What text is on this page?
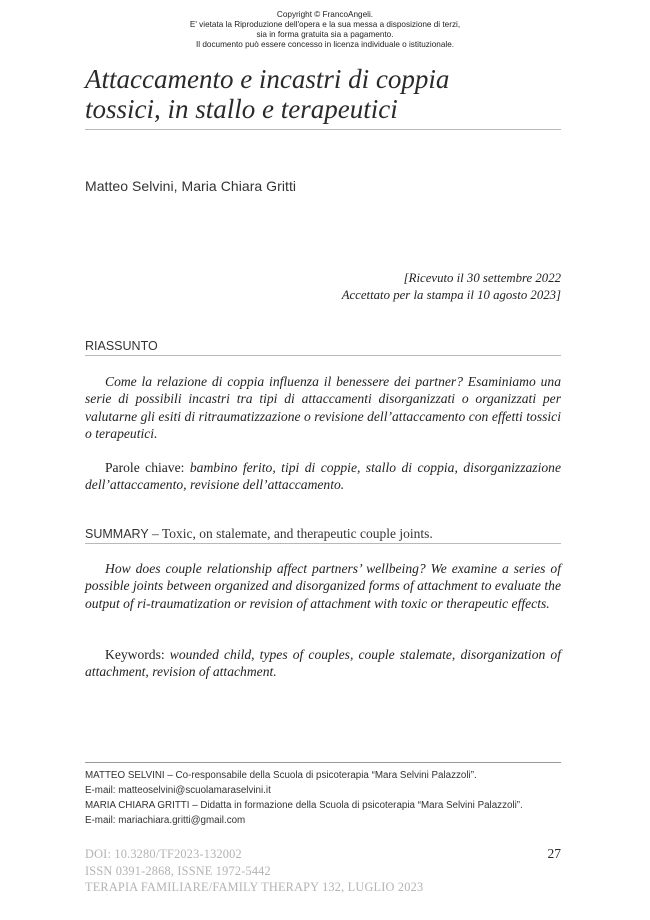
Copyright © FrancoAngeli.
E' vietata la Riproduzione dell'opera e la sua messa a disposizione di terzi,
sia in forma gratuita sia a pagamento.
Il documento può essere concesso in licenza individuale o istituzionale.
Attaccamento e incastri di coppia
tossici, in stallo e terapeutici
Matteo Selvini, Maria Chiara Gritti
[Ricevuto il 30 settembre 2022
Accettato per la stampa il 10 agosto 2023]
RIASSUNTO

Come la relazione di coppia influenza il benessere dei partner? Esaminiamo una serie di possibili incastri tra tipi di attaccamenti disorganizzati o organizzati per valutarne gli esiti di ritraumatizzazione o revisione dell’attaccamento con effetti tossici o terapeutici.

Parole chiave: bambino ferito, tipi di coppie, stallo di coppia, disorganizzazione dell’attaccamento, revisione dell’attaccamento.

SUMMARY – Toxic, on stalemate, and therapeutic couple joints.

How does couple relationship affect partners’ wellbeing? We examine a series of possible joints between organized and disorganized forms of attachment to evaluate the output of ri-traumatization or revision of attachment with toxic or therapeutic effects.

Keywords: wounded child, types of couples, couple stalemate, disorganization of attachment, revision of attachment.

MATTEO SELVINI – Co-responsabile della Scuola di psicoterapia “Mara Selvini Palazzoli”.
E-mail: matteoselvini@scuolamaraselvini.it
MARIA CHIARA GRITTI – Didatta in formazione della Scuola di psicoterapia “Mara Selvini Palazzoli”.
E-mail: mariachiara.gritti@gmail.com
DOI: 10.3280/TF2023-132002
ISSN 0391-2868, ISSNE 1972-5442
TERAPIA FAMILIARE/FAMILY THERAPY 132, LUGLIO 2023
27
